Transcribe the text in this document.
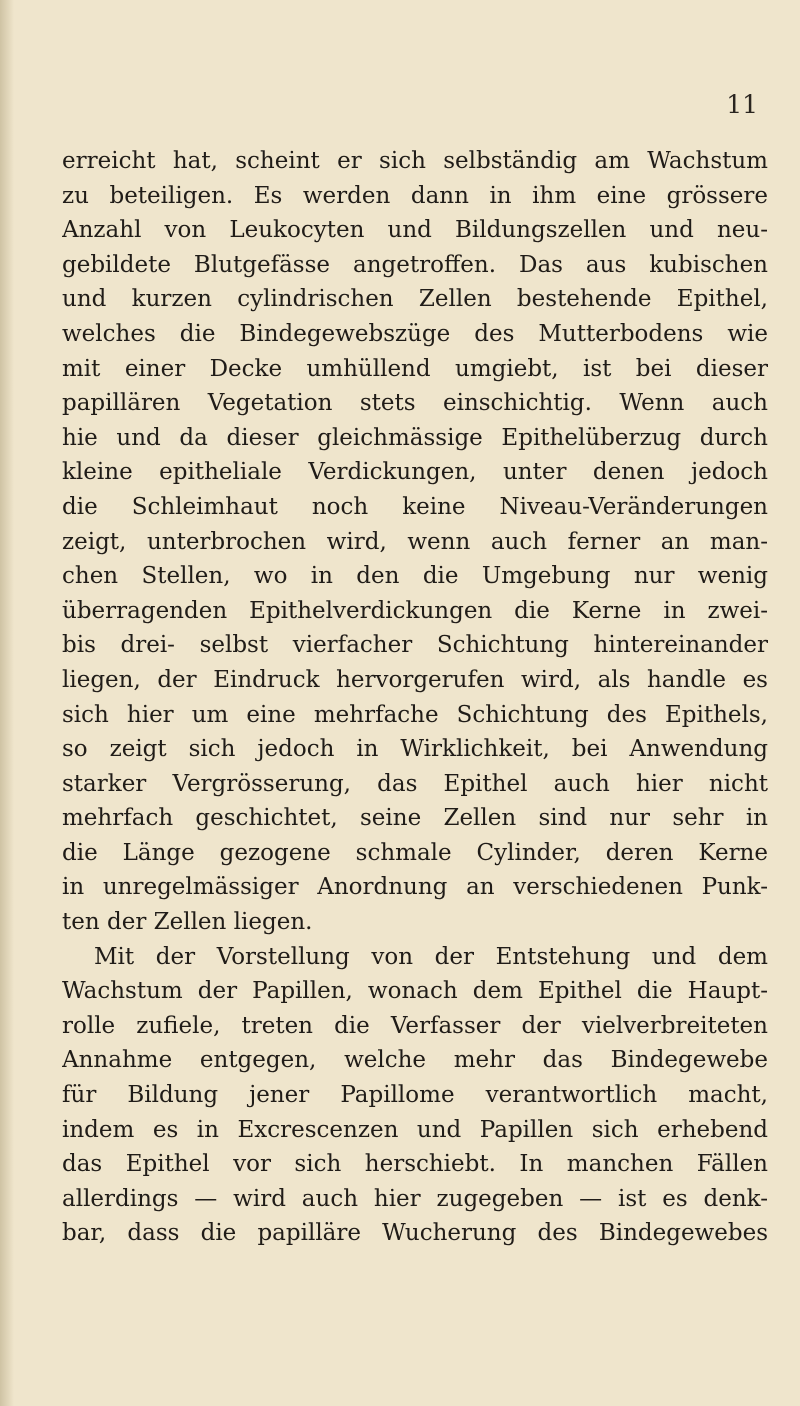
11
erreicht hat, scheint er sich selbständig am Wachstum
zu beteiligen. Es werden dann in ihm eine grössere
Anzahl von Leukocyten und Bildungszellen und neu-
gebildete Blutgefässe angetroffen. Das aus kubischen
und kurzen cylindrischen Zellen bestehende Epithel,
welches die Bindegewebszüge des Mutterbodens wie
mit einer Decke umhüllend umgiebt, ist bei dieser
papillären Vegetation stets einschichtig. Wenn auch
hie und da dieser gleichmässige Epithelüberzug durch
kleine epitheliale Verdickungen, unter denen jedoch
die Schleimhaut noch keine Niveau-Veränderungen
zeigt, unterbrochen wird, wenn auch ferner an man-
chen Stellen, wo in den die Umgebung nur wenig
überragenden Epithelverdickungen die Kerne in zwei-
bis drei- selbst vierfacher Schichtung hintereinander
liegen, der Eindruck hervorgerufen wird, als handle es
sich hier um eine mehrfache Schichtung des Epithels,
so zeigt sich jedoch in Wirklichkeit, bei Anwendung
starker Vergrösserung, das Epithel auch hier nicht
mehrfach geschichtet, seine Zellen sind nur sehr in
die Länge gezogene schmale Cylinder, deren Kerne
in unregelmässiger Anordnung an verschiedenen Punk-
ten der Zellen liegen.
Mit der Vorstellung von der Entstehung und dem
Wachstum der Papillen, wonach dem Epithel die Haupt-
rolle zufiele, treten die Verfasser der vielverbreiteten
Annahme entgegen, welche mehr das Bindegewebe
für Bildung jener Papillome verantwortlich macht,
indem es in Excrescenzen und Papillen sich erhebend
das Epithel vor sich herschiebt. In manchen Fällen
allerdings — wird auch hier zugegeben — ist es denk-
bar, dass die papilläre Wucherung des Bindegewebes
